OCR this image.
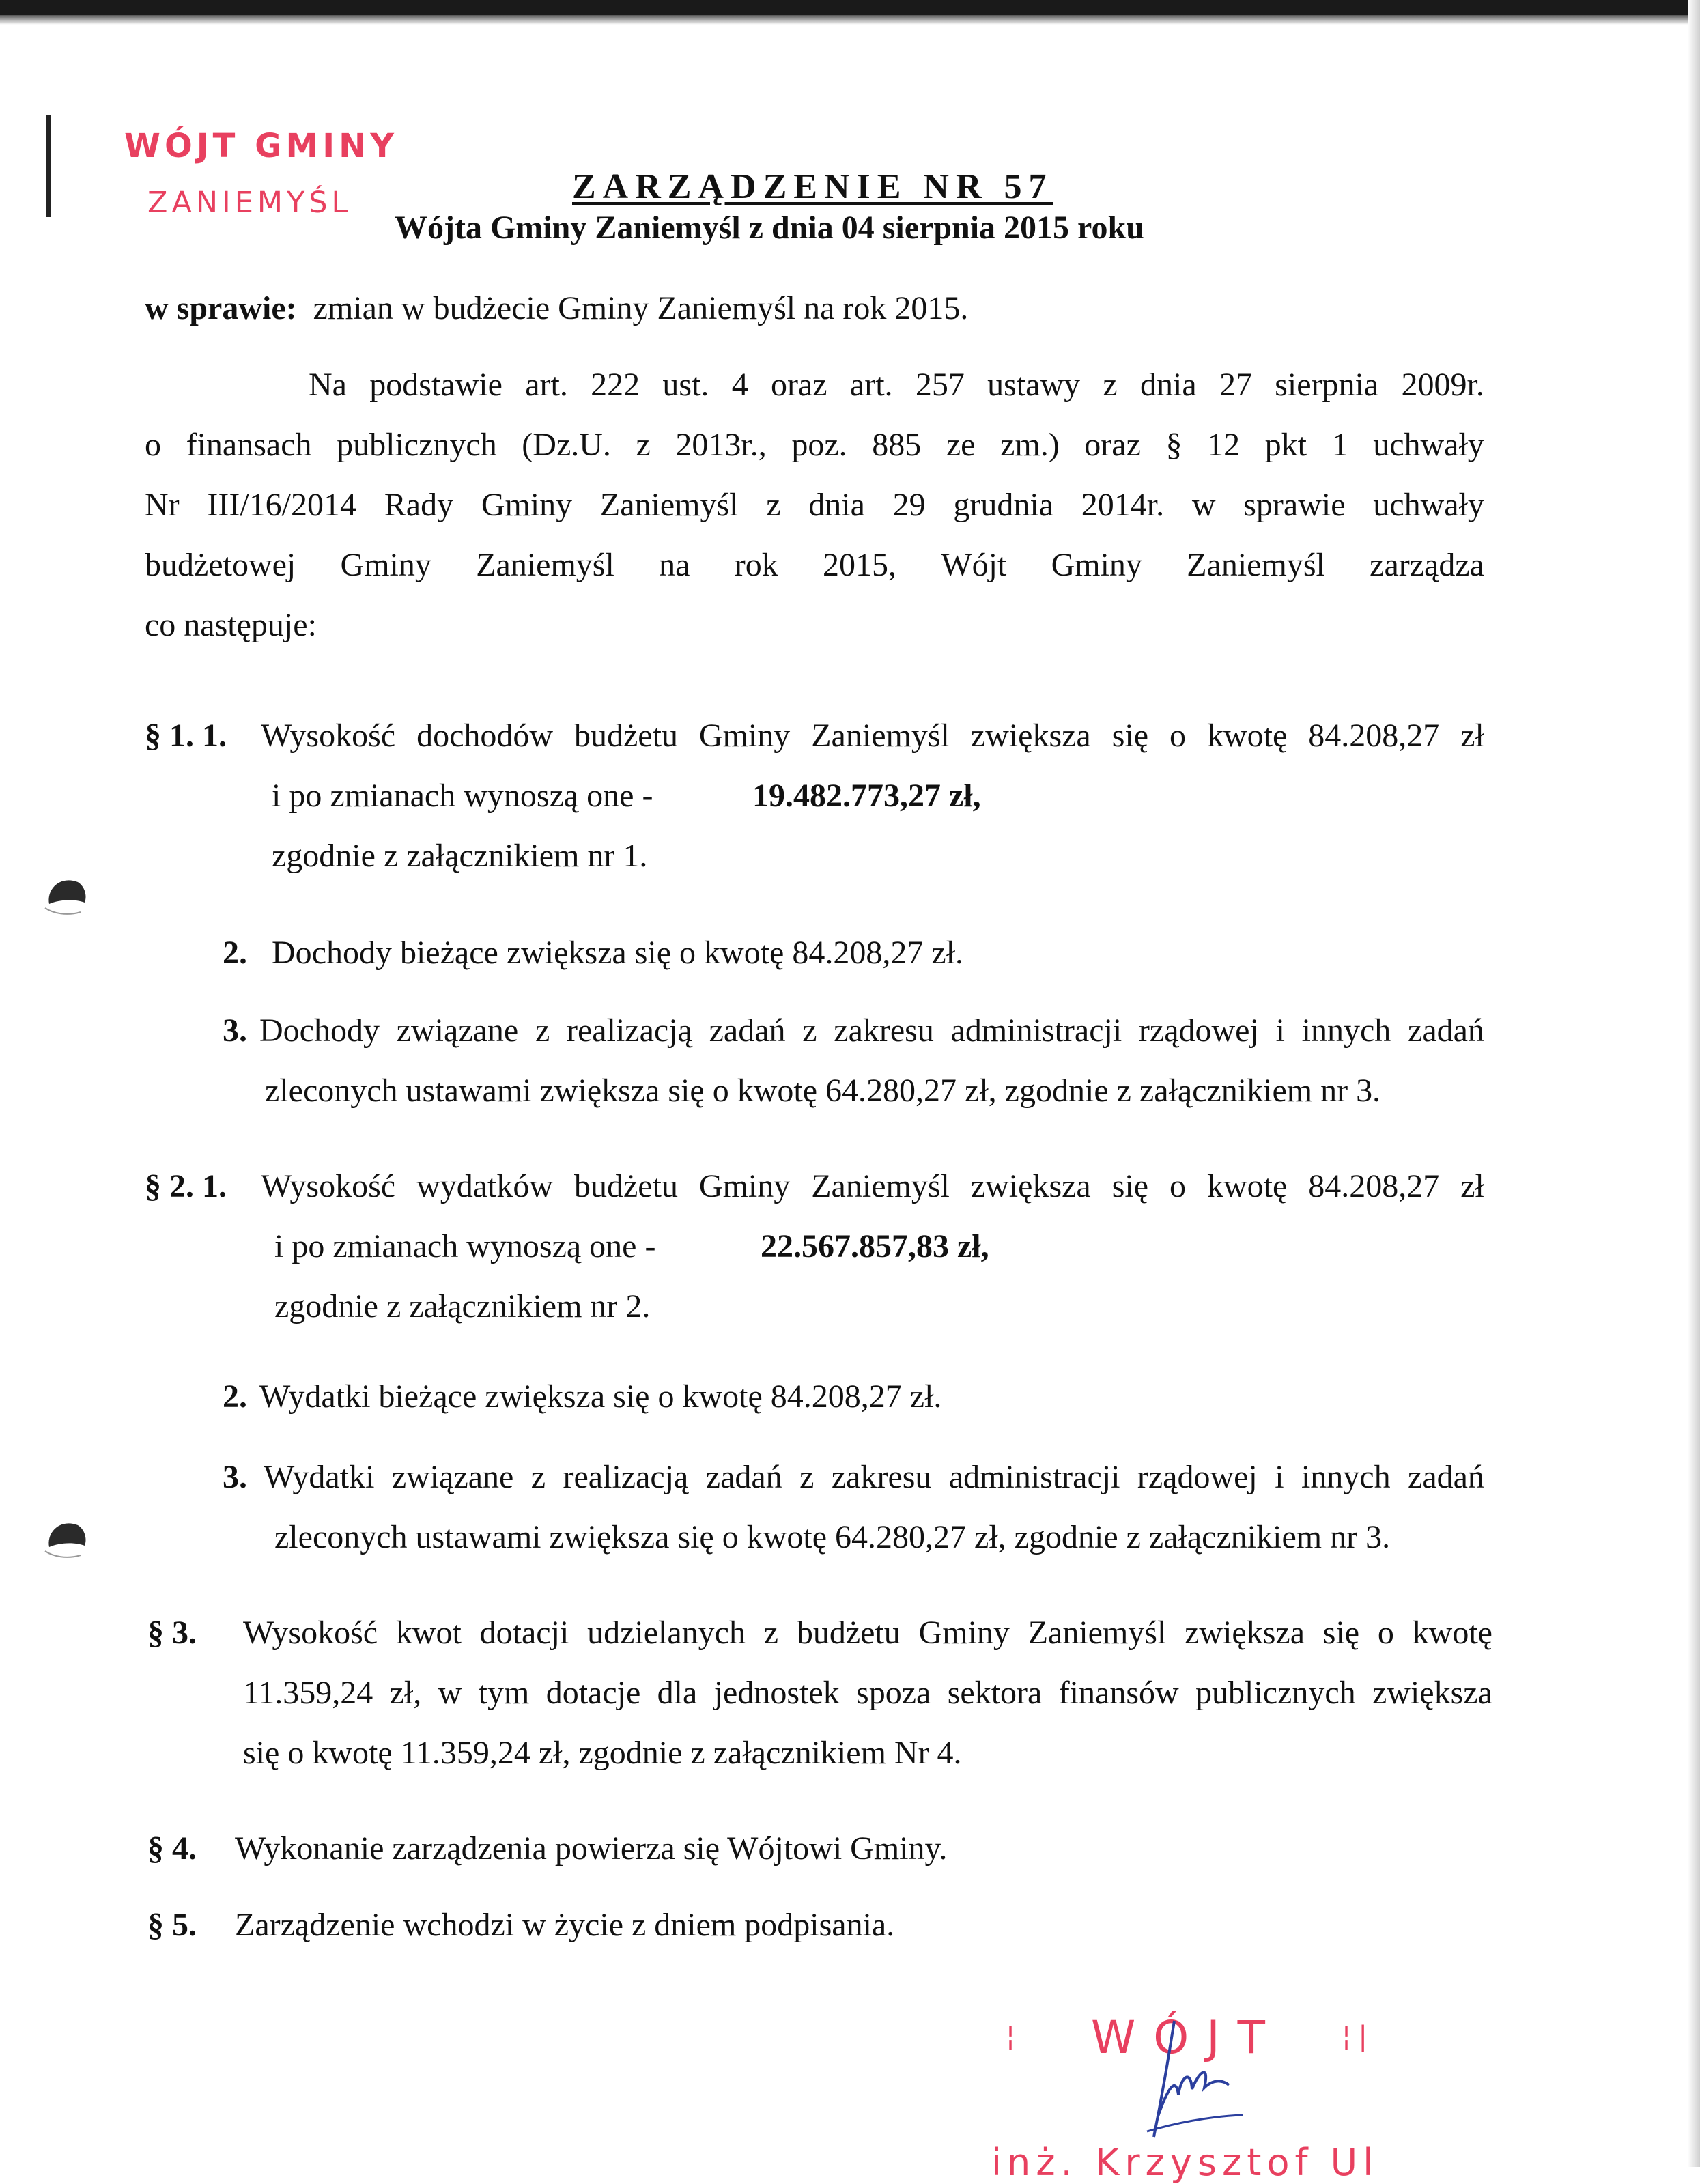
WÓJT GMINY
ZANIEMYŚL	ZARZĄDZENIE NR 57
Wójta Gminy Zaniemyśl z dnia 04 sierpnia 2015 roku
w sprawie: zmian w budżecie Gminy Zaniemyśl na rok 2015.
Na podstawie art. 222 ust. 4 oraz art. 257 ustawy z dnia 27 sierpnia 2009r.
o finansach publicznych (Dz.U. z 2013r., poz. 885 ze zm.) oraz § 12 pkt 1 uchwały
Nr III/16/2014 Rady Gminy Zaniemyśl z dnia 29 grudnia 2014r. w sprawie uchwały
budżetowej Gminy Zaniemyśl na rok 2015, Wójt Gminy Zaniemyśl zarządza
co następuje:
§ 1. 1. Wysokość dochodów budżetu Gminy Zaniemyśl zwiększa się o kwotę 84.208,27 zł
i po zmianach wynoszą one -	19.482.773,27 zł,
zgodnie z załącznikiem nr 1.
2. Dochody bieżące zwiększa się o kwotę 84.208,27 zł.
3. Dochody związane z realizacją zadań z zakresu administracji rządowej i innych zadań
zleconych ustawami zwiększa się o kwotę 64.280,27 zł, zgodnie z załącznikiem nr 3.
§ 2. 1. Wysokość wydatków budżetu Gminy Zaniemyśl zwiększa się o kwotę 84.208,27 zł
i po zmianach wynoszą one -	22.567.857,83 zł,
zgodnie z załącznikiem nr 2.
2. Wydatki bieżące zwiększa się o kwotę 84.208,27 zł.
3. Wydatki związane z realizacją zadań z zakresu administracji rządowej i innych zadań
zleconych ustawami zwiększa się o kwotę 64.280,27 zł, zgodnie z załącznikiem nr 3.
§ 3. Wysokość kwot dotacji udzielanych z budżetu Gminy Zaniemyśl zwiększa się o kwotę
11.359,24 zł, w tym dotacje dla jednostek spoza sektora finansów publicznych zwiększa
się o kwotę 11.359,24 zł, zgodnie z załącznikiem Nr 4.
§ 4. Wykonanie zarządzenia powierza się Wójtowi Gminy.
§ 5. Zarządzenie wchodzi w życie z dniem podpisania.
¦	¦|
WÓJT
inż. Krzysztof Ul
